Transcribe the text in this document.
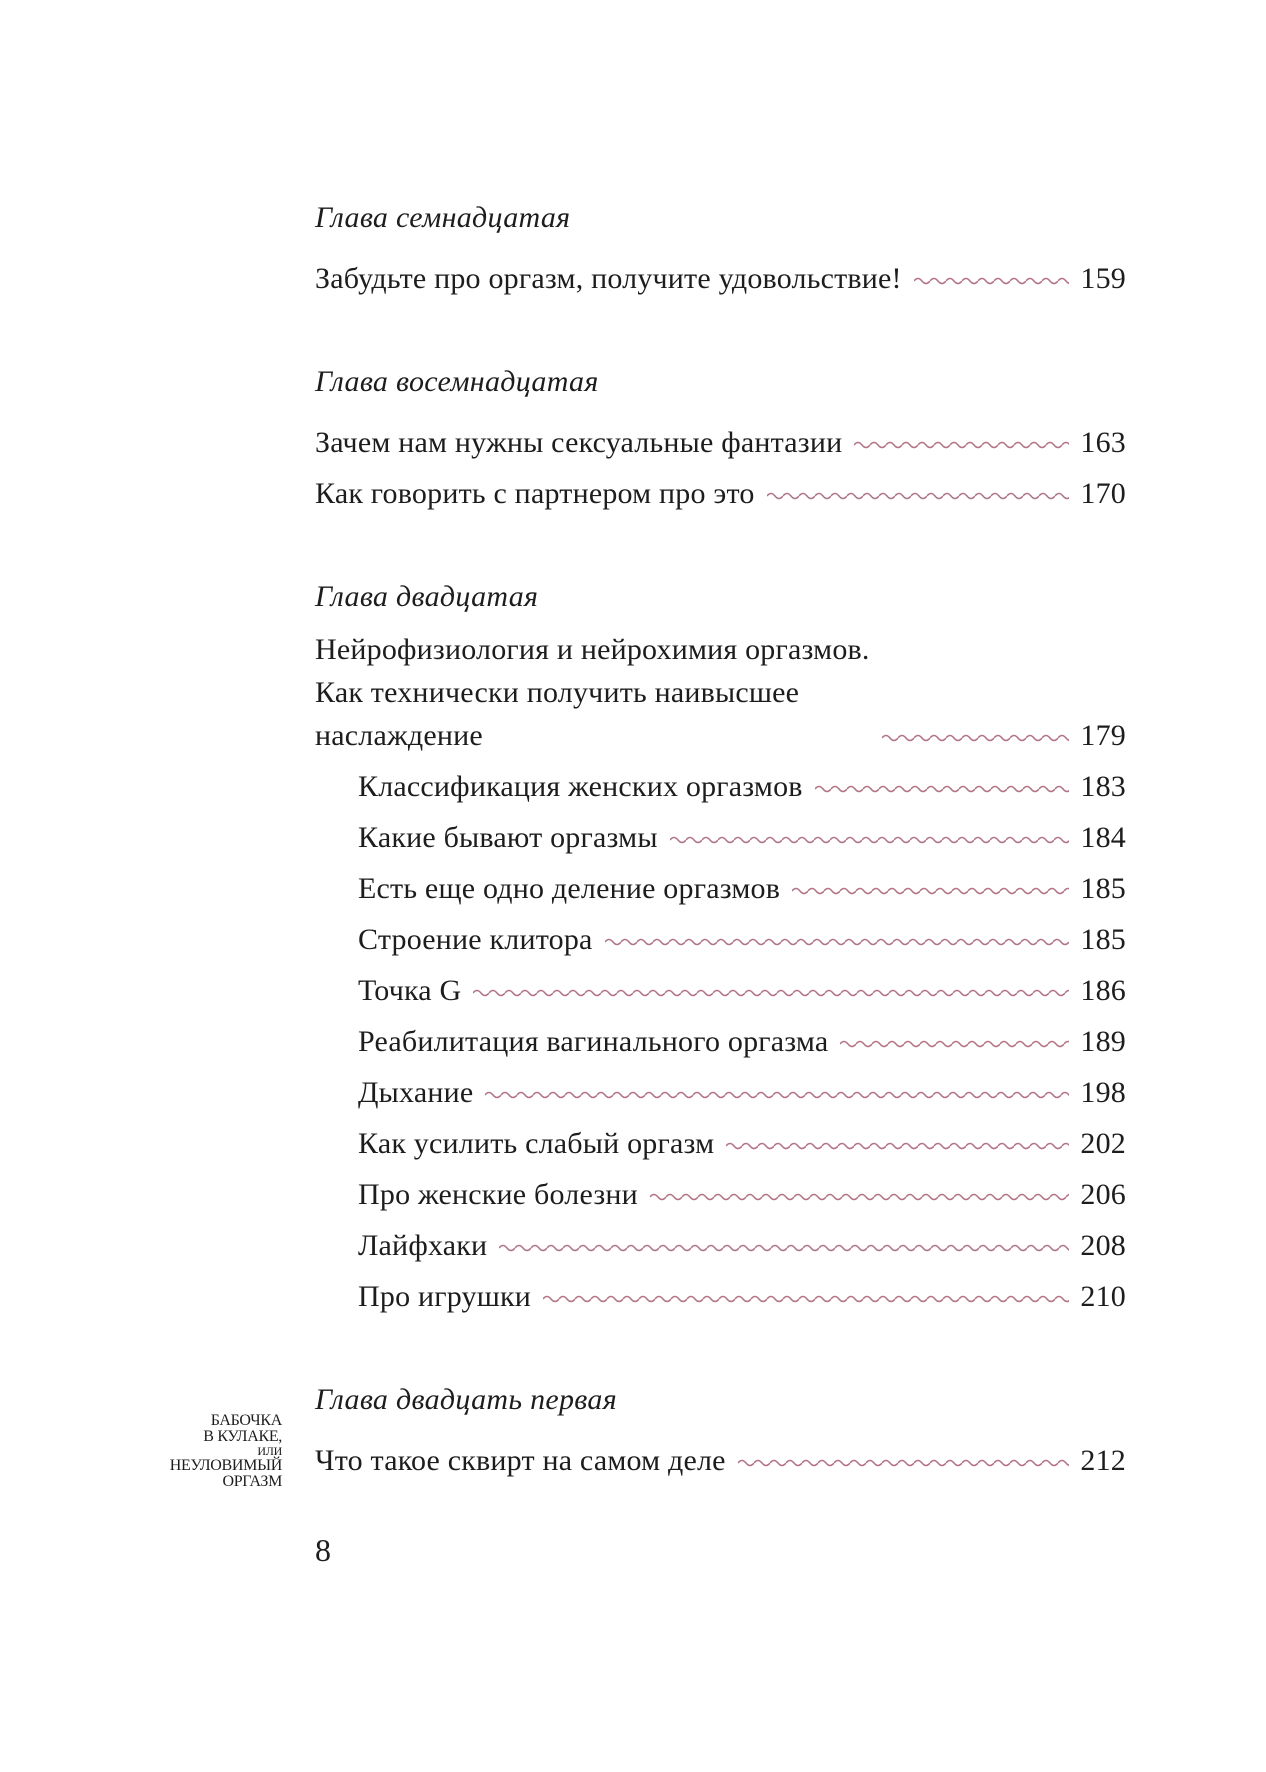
Глава семнадцатая
Забудьте про оргазм, получите удовольствие!	159
Глава восемнадцатая
Зачем нам нужны сексуальные фантазии	163
Как говорить с партнером про это	170
Глава двадцатая
Нейрофизиология и нейрохимия оргазмов.
Как технически получить наивысшее
наслаждение	179
Классификация женских оргазмов	183
Какие бывают оргазмы	184
Есть еще одно деление оргазмов	185
Строение клитора	185
Точка G	186
Реабилитация вагинального оргазма	189
Дыхание	198
Как усилить слабый оргазм	202
Про женские болезни	206
Лайфхаки	208
Про игрушки	210
Глава двадцать первая
Что такое сквирт на самом деле	212
БАБОЧКА
В КУЛАКЕ,
ИЛИ
НЕУЛОВИМЫЙ
ОРГАЗМ
8
